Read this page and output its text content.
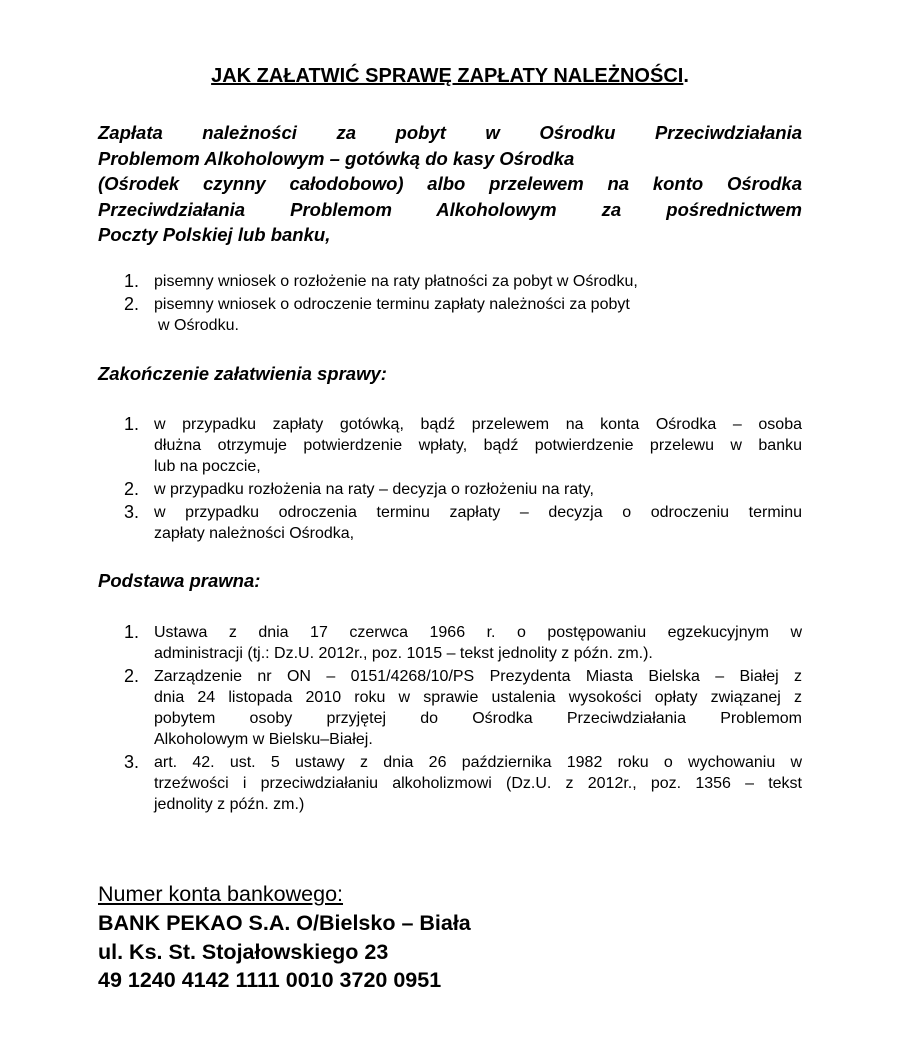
JAK ZAŁATWIĆ SPRAWĘ ZAPŁATY NALEŻNOŚCI.
Zapłata należności za pobyt w Ośrodku Przeciwdziałania
Problemom Alkoholowym – gotówką do kasy Ośrodka
(Ośrodek czynny całodobowo) albo przelewem na konto Ośrodka
Przeciwdziałania Problemom Alkoholowym za pośrednictwem
Poczty Polskiej lub banku,
1. pisemny wniosek o rozłożenie na raty płatności za pobyt w Ośrodku,
2. pisemny wniosek o odroczenie terminu zapłaty należności za pobyt
w Ośrodku.
Zakończenie załatwienia sprawy:
1. w przypadku zapłaty gotówką, bądź przelewem na konta Ośrodka – osoba
dłużna otrzymuje potwierdzenie wpłaty, bądź potwierdzenie przelewu w banku
lub na poczcie,
2. w przypadku rozłożenia na raty – decyzja o rozłożeniu na raty,
3. w przypadku odroczenia terminu zapłaty – decyzja o odroczeniu terminu
zapłaty należności Ośrodka,
Podstawa prawna:
1. Ustawa z dnia 17 czerwca 1966 r. o postępowaniu egzekucyjnym w
administracji (tj.: Dz.U. 2012r., poz. 1015 – tekst jednolity z późn. zm.).
2. Zarządzenie nr ON – 0151/4268/10/PS Prezydenta Miasta Bielska – Białej z
dnia 24 listopada 2010 roku w sprawie ustalenia wysokości opłaty związanej z
pobytem osoby przyjętej do Ośrodka Przeciwdziałania Problemom
Alkoholowym w Bielsku–Białej.
3. art. 42. ust. 5 ustawy z dnia 26 października 1982 roku o wychowaniu w
trzeźwości i przeciwdziałaniu alkoholizmowi (Dz.U. z 2012r., poz. 1356 – tekst
jednolity z późn. zm.)
Numer konta bankowego:
BANK PEKAO S.A. O/Bielsko – Biała
ul. Ks. St. Stojałowskiego 23
49 1240 4142 1111 0010 3720 0951
